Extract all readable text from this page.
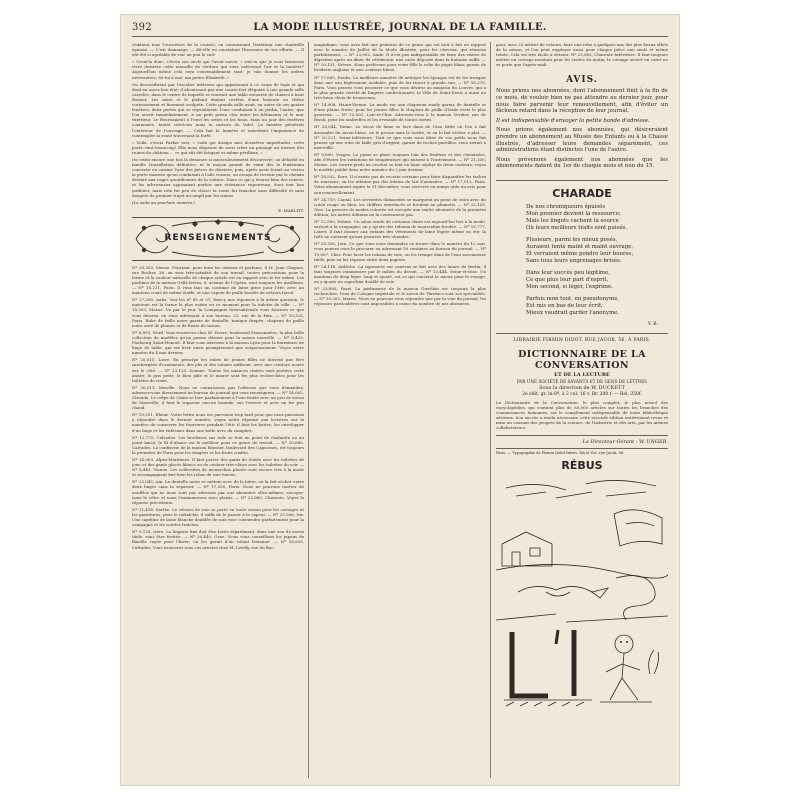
392	LA MODE ILLUSTRÉE, JOURNAL DE LA FAMILLE.

cédaient tous l'ouverture de la croisée, en contournant l'intérieur une charmille épaisse. — C'est dommage, — dit-elle en constatant l'heureuse de ses efforts. — Il eût été si agréable de voir un peu le ciel!

« Croix-la donc, s'écria son oncle qui l'avait suivie, « voit-tu que je vous laisserais vivre derrière cette muraille de verdure qui vous enlèverait l'air et la lumière? Aujourd'hui même cela sera convenablement rasé; je vais donner les ordres nécessaires; Se-toi à moi, ma petite Élisabeth. »

On descendirent par l'escalier intérieur qui appartenait à ce corps de logis et qui était en assez bon état; il aboutissait par une courte fort élégante à une grande salle carrelée, dans le centre de laquelle se trouvait une table entourée de chaises à haut dossier. Les murs et le plafond étaient revêtus d'une boiserie en chêne curieusement et finement sculptée. Cette grande salle avait, en outre de ses quatre fenêtres, deux portes qui se répondaient: l'une conduisait à un jardin, l'autre, que l'on ouvrit immédiatement, à un petit préau clos entre les bâtiments et le mur extérieur. Le fleurissaient à l'envi les orties et les houx. Mais un jour des fenêtres communes, tantôt rétrécies mais la carrure du Valet. La lumière pénétrait l'extérieur de l'ouvrage. — Cela fait la lumière et entretient l'impatience de contempler la route traversant la forêt.

« Voilà, s'écria Parker ravi, « voilà qui dissipe mes dernières inquiétudes; cette porte vaut beaucoup! Elle nous dispense de nous créer un passage au travers des ruines du château.... ce qui eût été fatigant et même périlleux. »

On visita encore une fois la demeure si miraculeusement découverte; on débattit en famille l'installation définitive; et le maçon promit de venir dès le lendemain convertir en cuisine l'une des pièces de derrière; puis, après avoir fermé au verrou la porte massive qu'on conduisait à l'aile voisine, on essaya de revenir par le chemin destiné aux cages quotidiennes de la voiture. Dans ce qui y trouva bien des ronces, et les arbrisseaux opposaient parfois une résistance vigoureuse, dont tout bon jardinier, mais cela fut peu de chose: la route fut franchie sans difficulté et sans dangers de premier trajet accompli par les ruines.

(La suite au prochain numéro.)
E. MARLITT.
RENSEIGNEMENTS

Nº 20,350, Marne. Pourtant, pour faire les oiseaux et parfums, il M. Jean Chapuis, rue Rocher, 36, on sera très-satisfait de son travail, toutes précautions pour la forme et la couleur naturelle de chaque article est en rapport avec le fer même. Les parfums de la maison Gellé frères, 6, avenue de l'Opéra, sont toujours les meilleurs. — Nº 16,211, Paris. Il vous faut un costume de laine grise pour l'été; avec un manteau court de même étoffe, et une capote de paille bordée de velours foncé.

Nº 27,260, Aube. Voir les nº 85 et 37; lisez-y nos réponses à la même question; le manteau est la forme la plus usitée en ce moment pour la toilette de ville. — Nº 18,203, Marne. Vu par le jour, la Compagnie Internationale vous fournira ce que vous désirez, en vous adressant à son bureau, 23, rue de la Paix. — Nº 10,325, Paris. Robe de faille noire garnie de dentelle; tunique drapée; chapeau de paille noire orné de plumes et de fleurs de saison.

Nº 8,899, Nord. Vous trouverez chez M. Pierre, boulevard Poissonnière, la plus belle collection de modèles qu'on puisse désirer pour la saison nouvelle. — Nº 6,425, Faubourg Saint-Honoré. Il faut vous adresser à la maison Lyon pour la fourniture de linge de table, qui est livré aussi promptement que soigneusement. Voyez notre numéro du 4 mai dernier.

Nº 20,015, Loire. En principe les robes de jeunes filles ne doivent pas être surchargées d'ornements; des plis et des volants suffisent, avec une ceinture nouée sur le côté. — Nº 23,120, Somme. Toutes les nuances claires sont portées cette année; le gris perle, le bleu pâle et le mauve sont les plus recherchées pour les toilettes de visite.

Nº 30,011, Moselle. Nous ne connaissons pas l'adresse que vous demandez; adressez-vous directement au bureau du journal qui vous renseignera. — Nº 14,002, Gironde. Le crêpe de Chine se lave parfaitement à l'eau froide avec un peu de savon de Marseille; il faut le repasser encore humide, sur l'envers et avec un fer peu chaud.

Nº 19,551, Rhône. Votre lettre nous est parvenue trop tard pour que nous puissions y répondre dans le dernier numéro; voyez notre réponse aux lectrices sur la manière de conserver les fourrures pendant l'été: il faut les battre, les envelopper d'un linge et les enfermer dans une boîte avec du camphre.

Nº 12,770, Calvados. Les broderies sur toile se font au point de chaînette ou au point lancé; le fil d'Alsace est le meilleur pour ce genre de travail. — Nº 20,660, Calvados. La confiserie de la maison Boissier, boulevard des Capucines, est toujours la première de Paris pour les dragées et les fruits confits.

Nº 14,009, Alpes-Maritimes. Il faut porter des gants de Suède avec les toilettes de jour, et des gants glacés blancs ou de couleur très-claire avec les toilettes du soir. — Nº 8,443, Vienne. Les collerettes de mousseline plissée sont encore très à la mode et accompagnent fort bien les robes de soie foncée.

Nº 23,045, Ain. La dentelle noire se nettoie avec de la bière; on la fait sécher entre deux linges sans la repasser. — Nº 17,200, Paris. Nous ne pouvons insérer de modèles qui ne nous sont pas adressés par nos abonnées elles-mêmes; envoyez-nous le vôtre et nous l'examinerons avec plaisir. — Nº 22,880, Charente. Voyez la réponse précédente.

Nº 11,456, Sarthe. Le velours de soie se porte en toute saison pour les corsages et les garnitures; pour le rafraîchir, il suffit de le passer à la vapeur. — Nº 25,006, Var. Une capeline de laine blanche doublée de soie rose conviendra parfaitement pour la campagne et les soirées fraîches.

Nº 9,120, Isère. La lingerie fine doit être lavée séparément, dans une eau de savon tiède, sans être frottée. — Nº 30,440, Orne. Nous vous conseillons les jupons de flanelle rayée pour l'hiver; on les garnit d'un volant festonné. — Nº 16,830, Calvados. Vous trouverez tous ces articles chez M. Levilly, rue du Bac.

magnifique; vous avez fait une peinture de ce genre qui est tout à fait en rapport avec le numéro de Juillet de la Mode illustrée, pour les cheveux, qui réussira parfaitement. — Nº 23,002, Aude. Il n'est pas indispensable de faire des visites de digestion après un dîner de cérémonie; une carte déposée dans la huitaine suffit. — Nº 20,131, Nièvre. Nous préférons pour votre fille la robe de piqué blanc garnie de broderie anglaise et une ceinture bleue.

Nº 17,665, Doubs. La meilleure manière de nettoyer les éponges est de les tremper dans une eau légèrement acidulée, puis de les rincer à grande eau. — Nº 16,270, Paris. Vous pouvez vous procurer ce que vous désirez au magasin du Louvre, qui a la plus grande variété de lingerie confectionnée; la Ville de Saint-Denis a aussi un très-beau choix de trousseaux.

Nº 14,908, Haute-Vienne. La mode est aux chapeaux ronds garnis de dentelle et d'une plume frisée; pour les jeunes filles le chapeau de paille d'Italie reste le plus gracieux. — Nº 13,001, Loir-et-Cher. Adressez-vous à la maison Verdier, rue de Rivoli, pour les ombrelles et les éventails de toutes sortes.

Nº 26,044, Yonne. Le tricot de laine se lave dans de l'eau tiède où l'on a fait dissoudre du savon blanc; on le presse sans le tordre, et on le fait sécher à plat. — Nº 20,221, Seine-Inférieure. Tout ce que vous nous dites de vos goûts nous fait penser qu'une robe de faille gris d'argent, garnie de ruches pareilles, vous siérait à merveille.

Nº 9,800, Vosges. Le piano se place toujours loin des fenêtres et des cheminées, afin d'éviter les variations de température qui nuisent à l'instrument. — Nº 21,330, Meuse. Les couvre-pieds au crochet se font en laine zéphyr de deux couleurs; voyez le modèle publié dans notre numéro du 2 juin dernier.

Nº 18,552, Eure. Il n'existe pas de recette certaine pour faire disparaître les taches de rousseur; on les atténue par des lotions de lait d'amandes. — Nº 17,012, Paris. Votre abonnement expire le 31 décembre; vous recevrez en temps utile un avis pour son renouvellement.

Nº 24,710, Cantal. Les serviettes damassées se marquent au point de croix avec du coton rouge ou bleu; les chiffres entrelacés se brodent au plumetis. — Nº 22,105, Oise. La gravure de modes coloriée est envoyée aux seules abonnées de la première édition; les autres éditions ne la contiennent pas.

Nº 12,999, Drôme. Un salon tendu de cretonne claire est aujourd'hui fort à la mode, surtout à la campagne; on y ajoute des rideaux de mousseline brodée. — Nº 15,777, Loiret. Il faut donner aux enfants des vêtements de laine légère même en été; la toile ne convient qu'aux journées très-chaudes.

Nº 20,336, Jura. Ce que vous nous demandez se trouve dans le numéro du 12 mai; vous pouvez vous le procurer en adressant 50 centimes au bureau du journal. — Nº 19,007, Cher. Pour laver les rubans de soie, on les trempe dans de l'eau savonneuse tiède, puis on les repasse entre deux papiers.

Nº 26,118, Ardèche. La tapisserie sur canevas se fait avec des laines de Berlin; il faut toujours commencer par le milieu du dessin. — Nº 13,444, Seine-et-Oise. Un manteau de drap léger, long et ajusté, est ce qui convient le mieux pour le voyage; on y ajoute un capuchon doublé de soie.

Nº 23,880, Paris. La parfumerie de la maison Guerlain est toujours la plus recherchée; l'eau de Cologne impériale et le savon de Thridace sont ses spécialités. — Nº 10,262, Marne. Nous ne pouvons vous répondre que par la voie du journal; les réponses particulières sont impossibles à cause du nombre de nos abonnées.

pour, avec 25 mètres de velours, faire une robe à quelques-uns des plus beaux effets de la saison, et l'on peut employer aussi pour chaque pièce une seule et même teinte. Cela est très facile à obtenir. Nº 23,065, Charente-Inférieure. Il faut toujours mettre un corsage montant pour les visites du matin; le corsage ouvert en carré ne se porte que l'après-midi.

AVIS.

Nous prions nos abonnées, dont l'abonnement finit à la fin de ce mois, de vouloir bien ne pas attendre au dernier jour, pour nous faire parvenir leur renouvellement, afin d'éviter un fâcheux retard dans la réception de leur journal.

Il est indispensable d'envoyer la petite bande d'adresse.

Nous prions également nos abonnées, qui désireraient prendre un abonnement au Musée des Enfants ou à la Chasse illustrée, d'adresser leurs demandes séparément, ces administrations étant distinctes l'une de l'autre.

Nous prévenons également nos abonnées que les abonnements datent du 1er de chaque mois et non du 15.

CHARADE

De nos chroniqueurs épuisés

Mon premier devient la ressource;

Mais les lingots cachent la source

Où leurs meilleurs traits sont puisés.

Plusieurs, parmi les mieux posés,

Auraient tenté maint et maint ouvrage,

Et verraient même pondre leur bourse,

Sans tous leurs engrenages brisés.

Dans leur succès peu légitime,

Ce que plus leur part d'esprit,

Mon second, si léger, l'exprime.

Parfois mon tout, en pseudonyme,

Est mis en bas de leur écrit;

Mieux vaudrait garder l'anonyme.

V. B.
LIBRAIRIE FIRMIN DIDOT, RUE JACOB, 56, À PARIS.
DICTIONNAIRE DE LA CONVERSATION
ET DE LA LECTURE
PAR UNE SOCIÉTÉ DE SAVANTS ET DE GENS DE LETTRES
Sous la direction de W. DUCKETT
2e édit. gr. in-8º, à 2 col. 16 v. Br. 200 f. — Rel. 250f.

Le Dictionnaire de la Conversation, le plus complet, le plus actuel des encyclopédies, qui contient plus de 80,000 articles sur toutes les branches des connaissances humaines, est le complément indispensable de toute bibliothèque sérieuse. Son succès a rendu nécessaire cette seconde édition entièrement revue et mise au courant des progrès de la science, de l'industrie et des arts, par les mêmes collaborateurs.

Le Directeur-Gérant : W. UNGER.
Paris. — Typographie de Firmin Didot frères, fils et Cie, rue Jacob, 56.
RÉBUS
